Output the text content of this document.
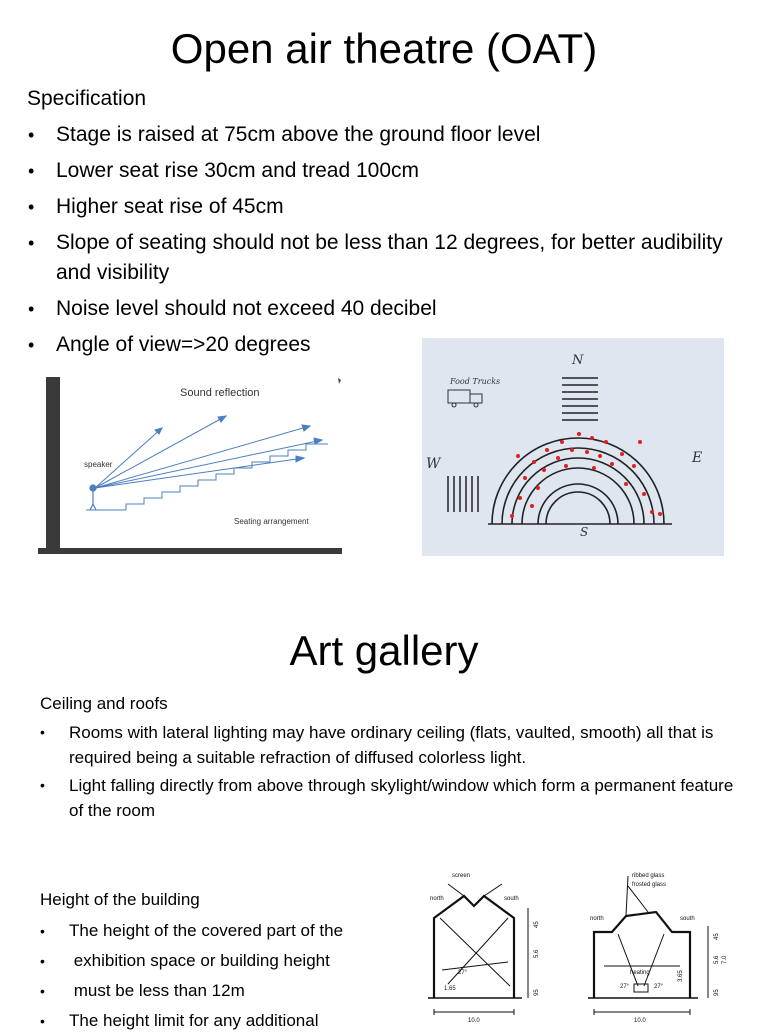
Open air theatre (OAT)
Specification
• Stage is raised at 75cm above the ground floor level
• Lower seat rise 30cm and tread 100cm
• Higher seat rise of 45cm
• Slope of seating should not be less than 12 degrees, for better audibility and visibility
• Noise level should not exceed 40 decibel
• Angle of view=>20 degrees
Sound reflection
speaker
Seating arrangement
N
E
S
W
Food Trucks
Art gallery
Ceiling and roofs
• Rooms with lateral lighting may have ordinary ceiling (flats, vaulted, smooth) all that is required being a suitable refraction of diffused colorless light.
• Light falling directly from above through skylight/window which form a permanent feature of the room
Height of the building
• The height of the covered part of the
• exhibition space or building height
• must be less than 12m
• The height limit for any additional
screen
north	south
27°
1.65
45
5.6
95
10.0
ribbed glass
frosted glass
north	south
heating
27°	27°
45
5.6 7.0
3.65
95
10.0
